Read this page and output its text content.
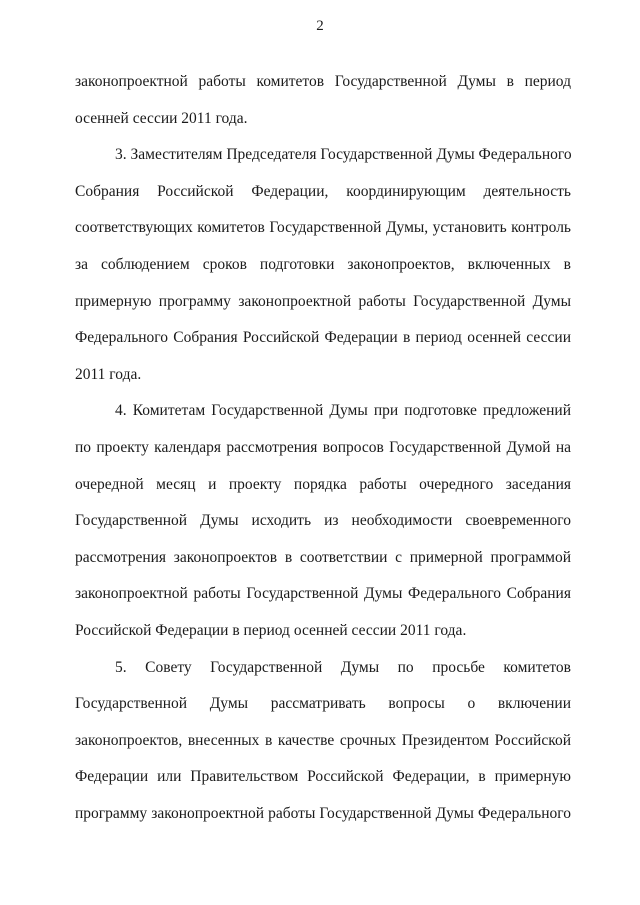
2
законопроектной работы комитетов Государственной Думы в период
осенней сессии 2011 года.
3. Заместителям Председателя Государственной Думы Федерального
Собрания Российской Федерации, координирующим деятельность
соответствующих комитетов Государственной Думы, установить контроль
за соблюдением сроков подготовки законопроектов, включенных в
примерную программу законопроектной работы Государственной Думы
Федерального Собрания Российской Федерации в период осенней сессии
2011 года.
4. Комитетам Государственной Думы при подготовке предложений
по проекту календаря рассмотрения вопросов Государственной Думой на
очередной месяц и проекту порядка работы очередного заседания
Государственной Думы исходить из необходимости своевременного
рассмотрения законопроектов в соответствии с примерной программой
законопроектной работы Государственной Думы Федерального Собрания
Российской Федерации в период осенней сессии 2011 года.
5. Совету Государственной Думы по просьбе комитетов
Государственной Думы рассматривать вопросы о включении
законопроектов, внесенных в качестве срочных Президентом Российской
Федерации или Правительством Российской Федерации, в примерную
программу законопроектной работы Государственной Думы Федерального
